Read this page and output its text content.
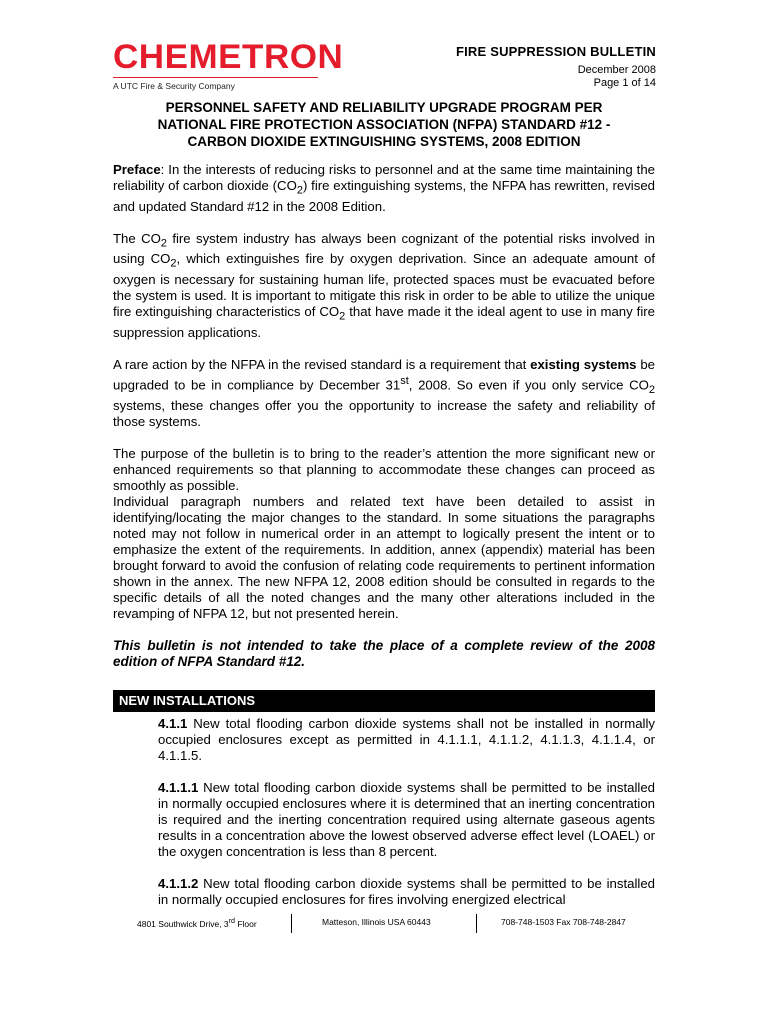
CHEMETRON
A UTC Fire & Security Company
FIRE SUPPRESSION BULLETIN
December 2008
Page 1 of 14
PERSONNEL SAFETY AND RELIABILITY UPGRADE PROGRAM PER
NATIONAL FIRE PROTECTION ASSOCIATION (NFPA) STANDARD #12 -
CARBON DIOXIDE EXTINGUISHING SYSTEMS, 2008 EDITION

Preface: In the interests of reducing risks to personnel and at the same time maintaining the reliability of carbon dioxide $(CO_2)$ fire extinguishing systems, the NFPA has rewritten, revised and updated Standard #12 in the 2008 Edition.

The $CO_2$ fire system industry has always been cognizant of the potential risks involved in using $CO_2$, which extinguishes fire by oxygen deprivation. Since an adequate amount of oxygen is necessary for sustaining human life, protected spaces must be evacuated before the system is used. It is important to mitigate this risk in order to be able to utilize the unique fire extinguishing characteristics of $CO_2$ that have made it the ideal agent to use in many fire suppression applications.

A rare action by the NFPA in the revised standard is a requirement that existing systems be upgraded to be in compliance by December 31st, 2008. So even if you only service $CO_2$ systems, these changes offer you the opportunity to increase the safety and reliability of those systems.

The purpose of the bulletin is to bring to the reader’s attention the more significant new or enhanced requirements so that planning to accommodate these changes can proceed as smoothly as possible.

Individual paragraph numbers and related text have been detailed to assist in identifying/locating the major changes to the standard. In some situations the paragraphs noted may not follow in numerical order in an attempt to logically present the intent or to emphasize the extent of the requirements. In addition, annex (appendix) material has been brought forward to avoid the confusion of relating code requirements to pertinent information shown in the annex. The new NFPA 12, 2008 edition should be consulted in regards to the specific details of all the noted changes and the many other alterations included in the revamping of NFPA 12, but not presented herein.

This bulletin is not intended to take the place of a complete review of the 2008 edition of NFPA Standard #12.

NEW INSTALLATIONS

4.1.1 New total flooding carbon dioxide systems shall not be installed in normally occupied enclosures except as permitted in 4.1.1.1, 4.1.1.2, 4.1.1.3, 4.1.1.4, or 4.1.1.5.

4.1.1.1 New total flooding carbon dioxide systems shall be permitted to be installed in normally occupied enclosures where it is determined that an inerting concentration is required and the inerting concentration required using alternate gaseous agents results in a concentration above the lowest observed adverse effect level (LOAEL) or the oxygen concentration is less than 8 percent.

4.1.1.2 New total flooding carbon dioxide systems shall be permitted to be installed in normally occupied enclosures for fires involving energized electrical

4801 Southwick Drive, 3rd Floor	Matteson, Illinois USA 60443	708-748-1503 Fax 708-748-2847
